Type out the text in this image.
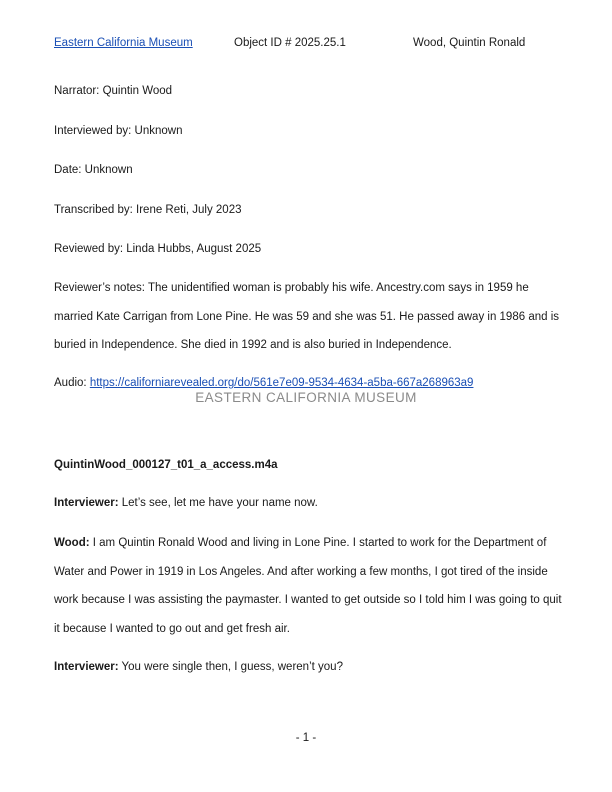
Eastern California Museum	Object ID # 2025.25.1	Wood, Quintin Ronald
Narrator: Quintin Wood
Interviewed by: Unknown
Date: Unknown
Transcribed by: Irene Reti, July 2023
Reviewed by: Linda Hubbs, August 2025
Reviewer’s notes: The unidentified woman is probably his wife. Ancestry.com says in 1959 he married Kate Carrigan from Lone Pine. He was 59 and she was 51. He passed away in 1986 and is buried in Independence. She died in 1992 and is also buried in Independence.
Audio: https://californiarevealed.org/do/561e7e09-9534-4634-a5ba-667a268963a9
EASTERN CALIFORNIA MUSEUM
QuintinWood_000127_t01_a_access.m4a
Interviewer: Let’s see, let me have your name now.
Wood: I am Quintin Ronald Wood and living in Lone Pine. I started to work for the Department of Water and Power in 1919 in Los Angeles. And after working a few months, I got tired of the inside work because I was assisting the paymaster. I wanted to get outside so I told him I was going to quit it because I wanted to go out and get fresh air.
Interviewer: You were single then, I guess, weren’t you?
- 1 -
